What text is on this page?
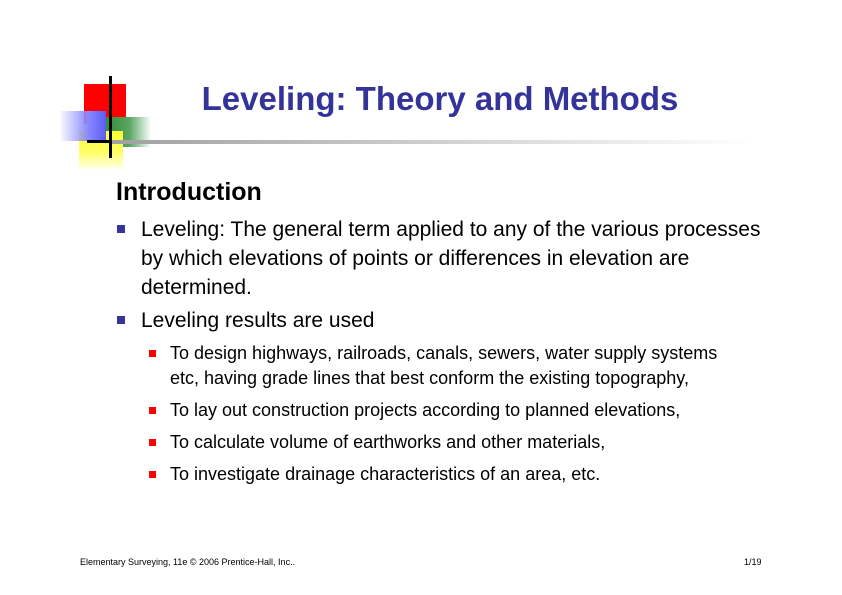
Leveling: Theory and Methods
Introduction
Leveling: The general term applied to any of the various processes by which elevations of points or differences in elevation are determined.
Leveling results are used
To design highways, railroads, canals, sewers, water supply systems etc, having grade lines that best conform the existing topography,
To lay out construction projects according to planned elevations,
To calculate volume of earthworks and other materials,
To investigate drainage characteristics of an area, etc.
Elementary Surveying, 11e © 2006 Prentice-Hall, Inc..	1/19
